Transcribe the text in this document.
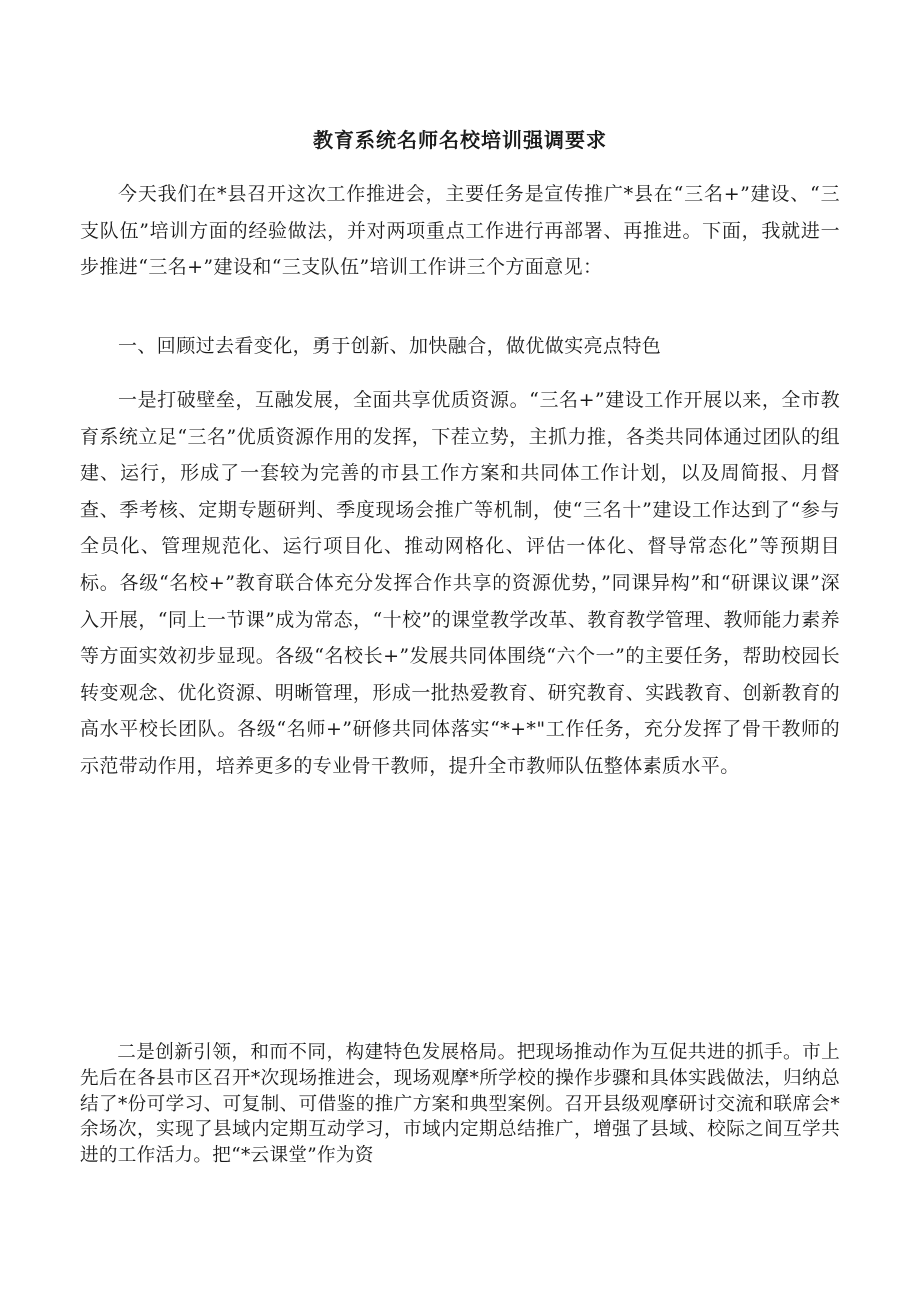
教育系统名师名校培训强调要求

今天我们在*县召开这次工作推进会，主要任务是宣传推广*县在“三名+”建设、“三支队伍”培训方面的经验做法，并对两项重点工作进行再部署、再推进。下面，我就进一步推进“三名+”建设和“三支队伍”培训工作讲三个方面意见：

一、回顾过去看变化，勇于创新、加快融合，做优做实亮点特色

一是打破壁垒，互融发展，全面共享优质资源。“三名+”建设工作开展以来，全市教育系统立足“三名”优质资源作用的发挥，下茬立势，主抓力推，各类共同体通过团队的组建、运行，形成了一套较为完善的市县工作方案和共同体工作计划，以及周简报、月督查、季考核、定期专题研判、季度现场会推广等机制，使“三名十”建设工作达到了“参与全员化、管理规范化、运行项目化、推动网格化、评估一体化、督导常态化”等预期目标。各级“名校+”教育联合体充分发挥合作共享的资源优势，”同课异构”和“研课议课”深入开展，“同上一节课”成为常态，“十校”的课堂教学改革、教育教学管理、教师能力素养等方面实效初步显现。各级“名校长+”发展共同体围绕“六个一”的主要任务，帮助校园长转变观念、优化资源、明晰管理，形成一批热爱教育、研究教育、实践教育、创新教育的高水平校长团队。各级“名师+”研修共同体落实“*+*"工作任务，充分发挥了骨干教师的示范带动作用，培养更多的专业骨干教师，提升全市教师队伍整体素质水平。

二是创新引领，和而不同，构建特色发展格局。把现场推动作为互促共进的抓手。市上先后在各县市区召开*次现场推进会，现场观摩*所学校的操作步骤和具体实践做法，归纳总结了*份可学习、可复制、可借鉴的推广方案和典型案例。召开县级观摩研讨交流和联席会*余场次，实现了县域内定期互动学习，市域内定期总结推广，增强了县域、校际之间互学共进的工作活力。把“*云课堂”作为资
